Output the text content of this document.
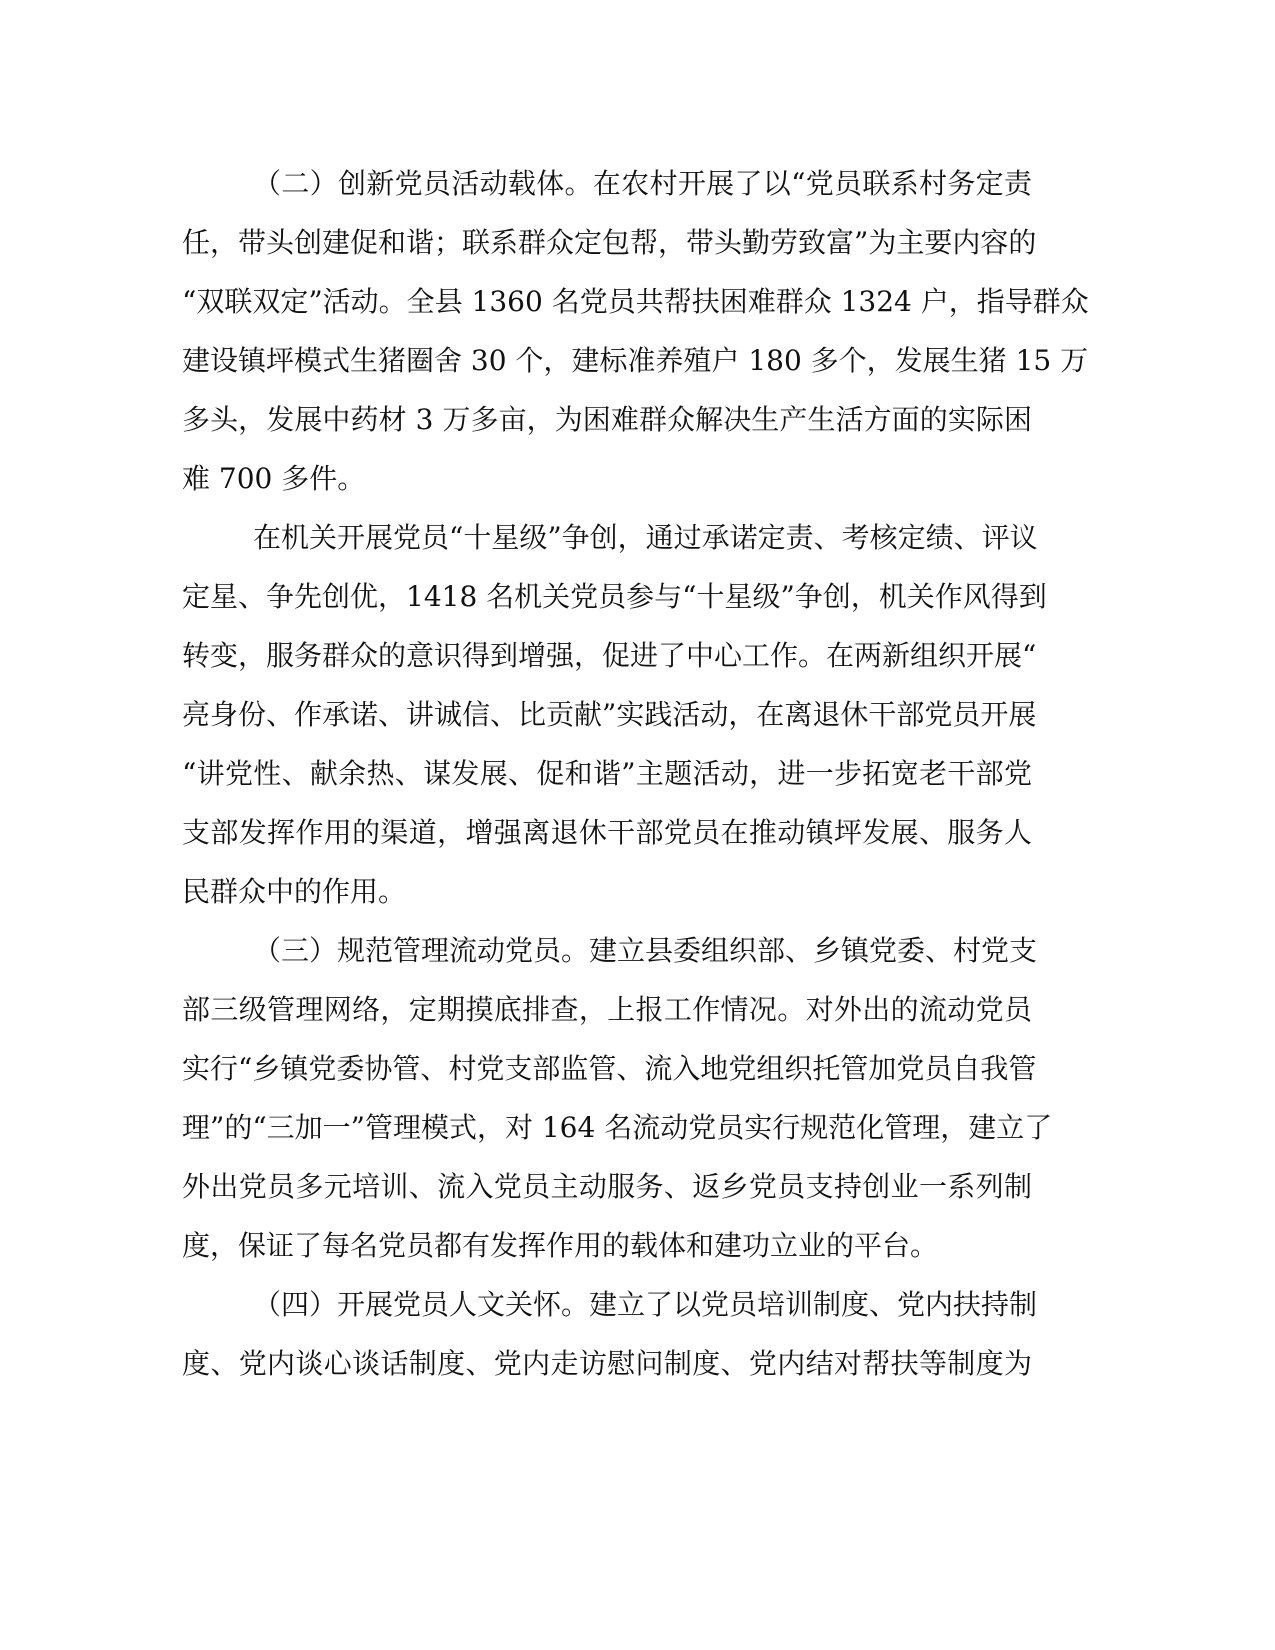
（二）创新党员活动载体。在农村开展了以“党员联系村务定责
任，带头创建促和谐；联系群众定包帮，带头勤劳致富”为主要内容的
“双联双定”活动。全县 1360 名党员共帮扶困难群众 1324 户，指导群众
建设镇坪模式生猪圈舍 30 个，建标准养殖户 180 多个，发展生猪 15 万
多头，发展中药材 3 万多亩，为困难群众解决生产生活方面的实际困
难 700 多件。
在机关开展党员“十星级”争创，通过承诺定责、考核定绩、评议
定星、争先创优，1418 名机关党员参与“十星级”争创，机关作风得到
转变，服务群众的意识得到增强，促进了中心工作。在两新组织开展“
亮身份、作承诺、讲诚信、比贡献”实践活动，在离退休干部党员开展
“讲党性、献余热、谋发展、促和谐”主题活动，进一步拓宽老干部党
支部发挥作用的渠道，增强离退休干部党员在推动镇坪发展、服务人
民群众中的作用。
（三）规范管理流动党员。建立县委组织部、乡镇党委、村党支
部三级管理网络，定期摸底排查，上报工作情况。对外出的流动党员
实行“乡镇党委协管、村党支部监管、流入地党组织托管加党员自我管
理”的“三加一”管理模式，对 164 名流动党员实行规范化管理，建立了
外出党员多元培训、流入党员主动服务、返乡党员支持创业一系列制
度，保证了每名党员都有发挥作用的载体和建功立业的平台。
（四）开展党员人文关怀。建立了以党员培训制度、党内扶持制
度、党内谈心谈话制度、党内走访慰问制度、党内结对帮扶等制度为
